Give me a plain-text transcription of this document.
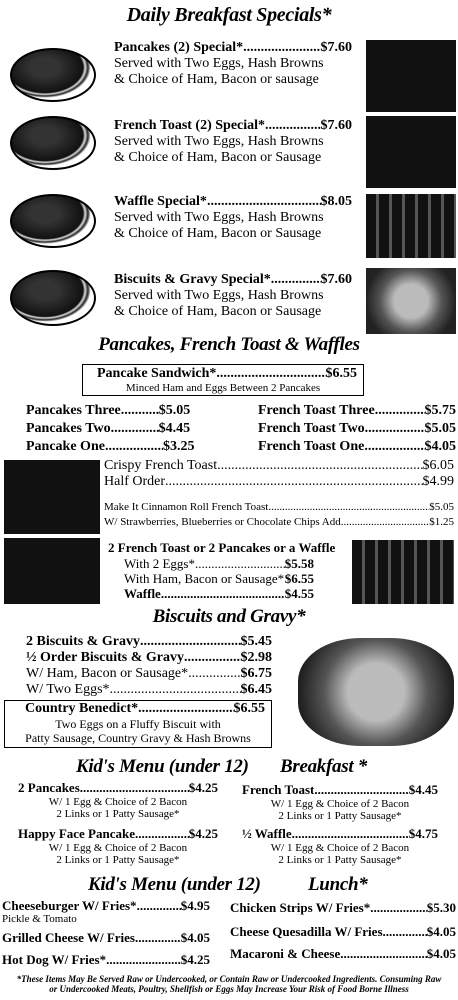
Daily Breakfast Specials*
Pancakes (2) Special* .....	$7.60
Served with Two Eggs, Hash Browns
& Choice of Ham, Bacon or sausage
French Toast (2) Special* .....	$7.60
Served with Two Eggs, Hash Browns
& Choice of Ham, Bacon or Sausage
Waffle Special* .....	$8.05
Served with Two Eggs, Hash Browns
& Choice of Ham, Bacon or Sausage
Biscuits & Gravy Special* .....	$7.60
Served with Two Eggs, Hash Browns
& Choice of Ham, Bacon or Sausage
Pancakes, French Toast & Waffles
Pancake Sandwich* .....	$6.55
Minced Ham and Eggs Between 2 Pancakes
Pancakes Three .....	$5.05
Pancakes Two .....	$4.45
Pancake One .....	$3.25
French Toast Three .....	$5.75
French Toast Two .....	$5.05
French Toast One .....	$4.05
Crispy French Toast .....	$6.05
Half Order .....	$4.99
Make It Cinnamon Roll French Toast .....	$5.05
W/ Strawberries, Blueberries or Chocolate Chips Add .....	$1.25
2 French Toast or 2 Pancakes or a Waffle
With 2 Eggs* .....	$5.58
With Ham, Bacon or Sausage* ..... $6.55
Waffle .....	$4.55
Biscuits and Gravy*
2 Biscuits & Gravy .....	$5.45
½ Order Biscuits & Gravy .....	$2.98
W/ Ham, Bacon or Sausage* .....	$6.75
W/ Two Eggs* .....	$6.45
Country Benedict* .....	$6.55
Two Eggs on a Fluffy Biscuit with
Patty Sausage, Country Gravy & Hash Browns
Kid's Menu (under 12) Breakfast *
2 Pancakes .....	$4.25
W/ 1 Egg & Choice of 2 Bacon
2 Links or 1 Patty Sausage*
French Toast .....	$4.45
W/ 1 Egg & Choice of 2 Bacon
2 Links or 1 Patty Sausage*
Happy Face Pancake .....	$4.25
W/ 1 Egg & Choice of 2 Bacon
2 Links or 1 Patty Sausage*
½ Waffle .....	$4.75
W/ 1 Egg & Choice of 2 Bacon
2 Links or 1 Patty Sausage*
Kid's Menu (under 12) Lunch*
Cheeseburger W/ Fries* .....	$4.95
Pickle & Tomato
Grilled Cheese W/ Fries .....	$4.05
Hot Dog W/ Fries* .....	$4.25
Chicken Strips W/ Fries* .....	$5.30
Cheese Quesadilla W/ Fries .....	$4.05
Macaroni & Cheese .....	$4.05
*These Items May Be Served Raw or Undercooked, or Contain Raw or Undercooked Ingredients. Consuming Raw
or Undercooked Meats, Poultry, Shellfish or Eggs May Increase Your Risk of Food Borne Illness
